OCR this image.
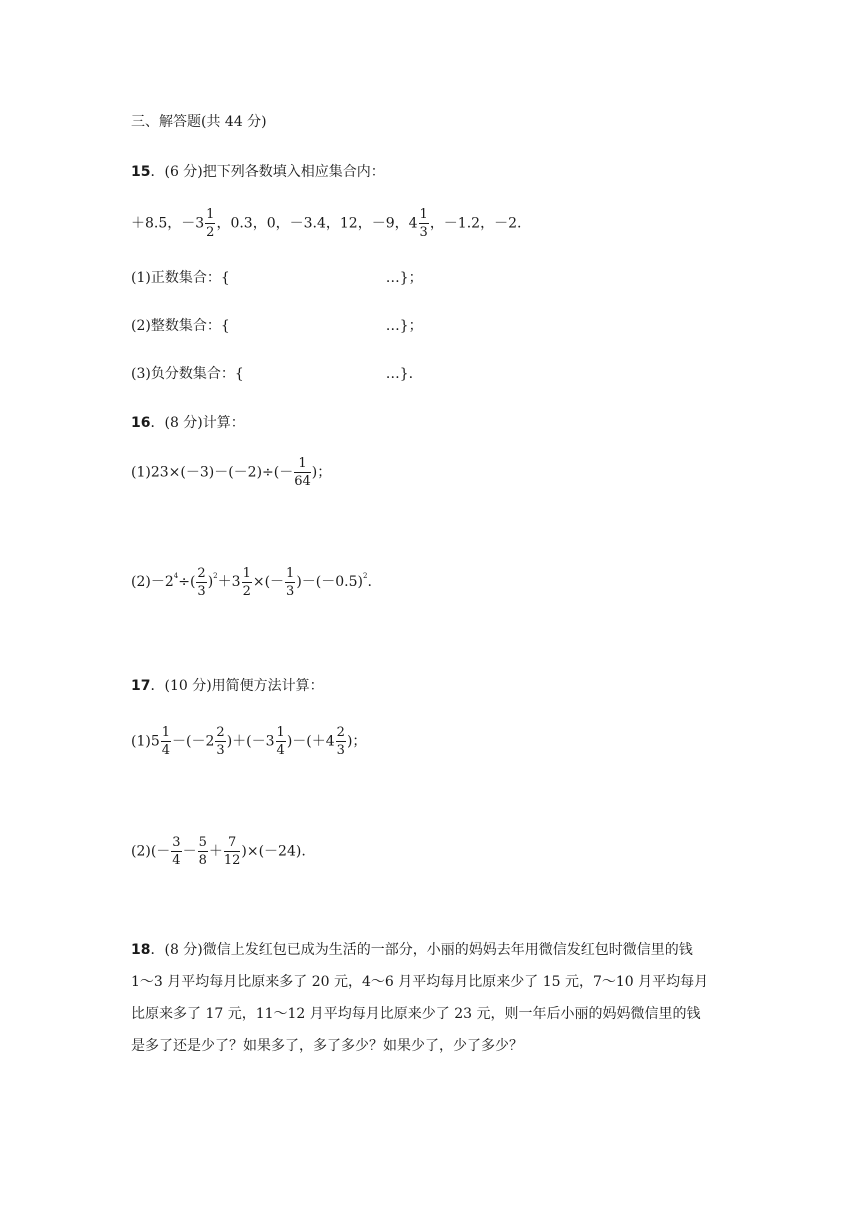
三、解答题(共 44 分)
15．(6 分)把下列各数填入相应集合内：
＋8.5，$-3 \frac{1}{2}$ ，0.3，0，－3.4，12，－9，$4 \frac{1}{3}$ ，－1.2，－2.
(1)正数集合：{	…}；
(2)整数集合：{	…}；
(3)负分数集合：{	…}.
16．(8 分)计算：
$(1)23\times(-3)-(-2)\div(- \frac{1}{64}$ )；
$(2)-2^4\div( \frac{2}{3} )^2+3 \frac{1}{2}$ ×(－ $\frac{1}{3} )-(-0.5)^2$.
17．(10 分)用简便方法计算：
$(1)5 \frac{1}{4} -(-2 \frac{2}{3} )+(-3 \frac{1}{4} )-(+4 \frac{2}{3}$ )；
$(2)(- \frac{3}{4} - \frac{5}{8} + \frac{7}{12} )\times(-24)$.
18．(8 分)微信上发红包已成为生活的一部分，小丽的妈妈去年用微信发红包时微信里的钱
1～3 月平均每月比原来多了 20 元，4～6 月平均每月比原来少了 15 元，7～10 月平均每月
比原来多了 17 元，11～12 月平均每月比原来少了 23 元，则一年后小丽的妈妈微信里的钱
是多了还是少了？如果多了，多了多少？如果少了，少了多少？
